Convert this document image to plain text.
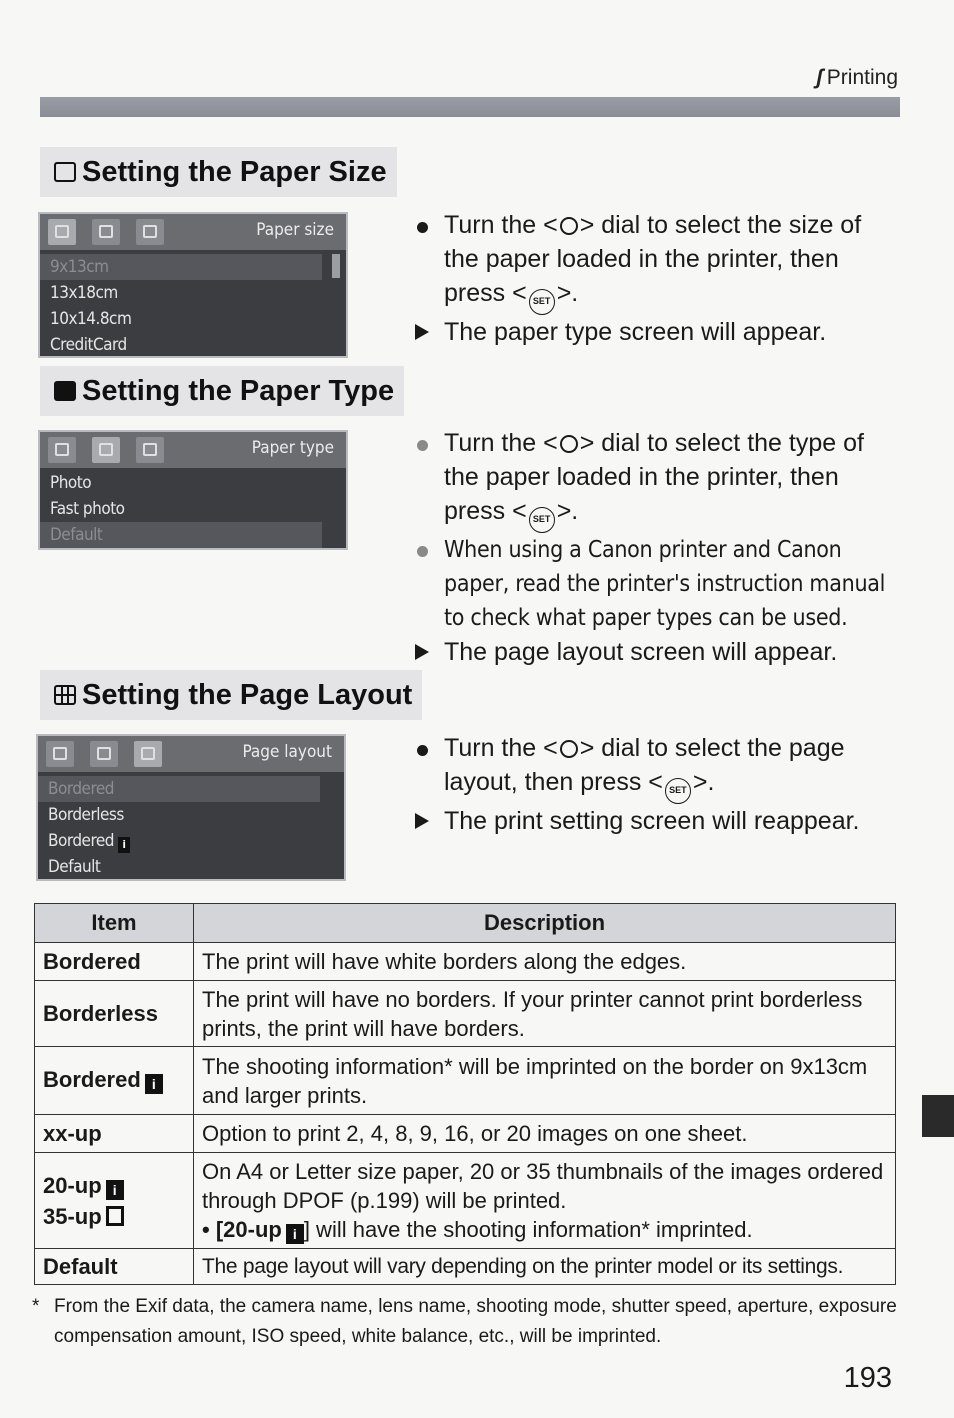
ʃ Printing
Setting the Paper Size
Paper size
9x13cm
13x18cm
10x14.8cm
CreditCard
Turn the < > dial to select the size of the paper loaded in the printer, then press < SET >.
The paper type screen will appear.
Setting the Paper Type
Paper type
Photo
Fast photo
Default
Turn the < > dial to select the type of the paper loaded in the printer, then press < SET >.
When using a Canon printer and Canon paper, read the printer's instruction manual to check what paper types can be used.
The page layout screen will appear.
Setting the Page Layout
Page layout
Bordered
Borderless
Bordered i
Default
Turn the < > dial to select the page layout, then press < SET >.
The print setting screen will reappear.
Item	Description
Bordered	The print will have white borders along the edges.
Borderless	The print will have no borders. If your printer cannot print borderless prints, the print will have borders.
Bordered i	The shooting information* will be imprinted on the border on 9x13cm and larger prints.
xx-up	Option to print 2, 4, 8, 9, 16, or 20 images on one sheet.
20-up i
35-up	On A4 or Letter size paper, 20 or 35 thumbnails of the images ordered through DPOF (p.199) will be printed.
• [20-up i ] will have the shooting information* imprinted.
Default	The page layout will vary depending on the printer model or its settings.
* From the Exif data, the camera name, lens name, shooting mode, shutter speed, aperture, exposure compensation amount, ISO speed, white balance, etc., will be imprinted.
193
